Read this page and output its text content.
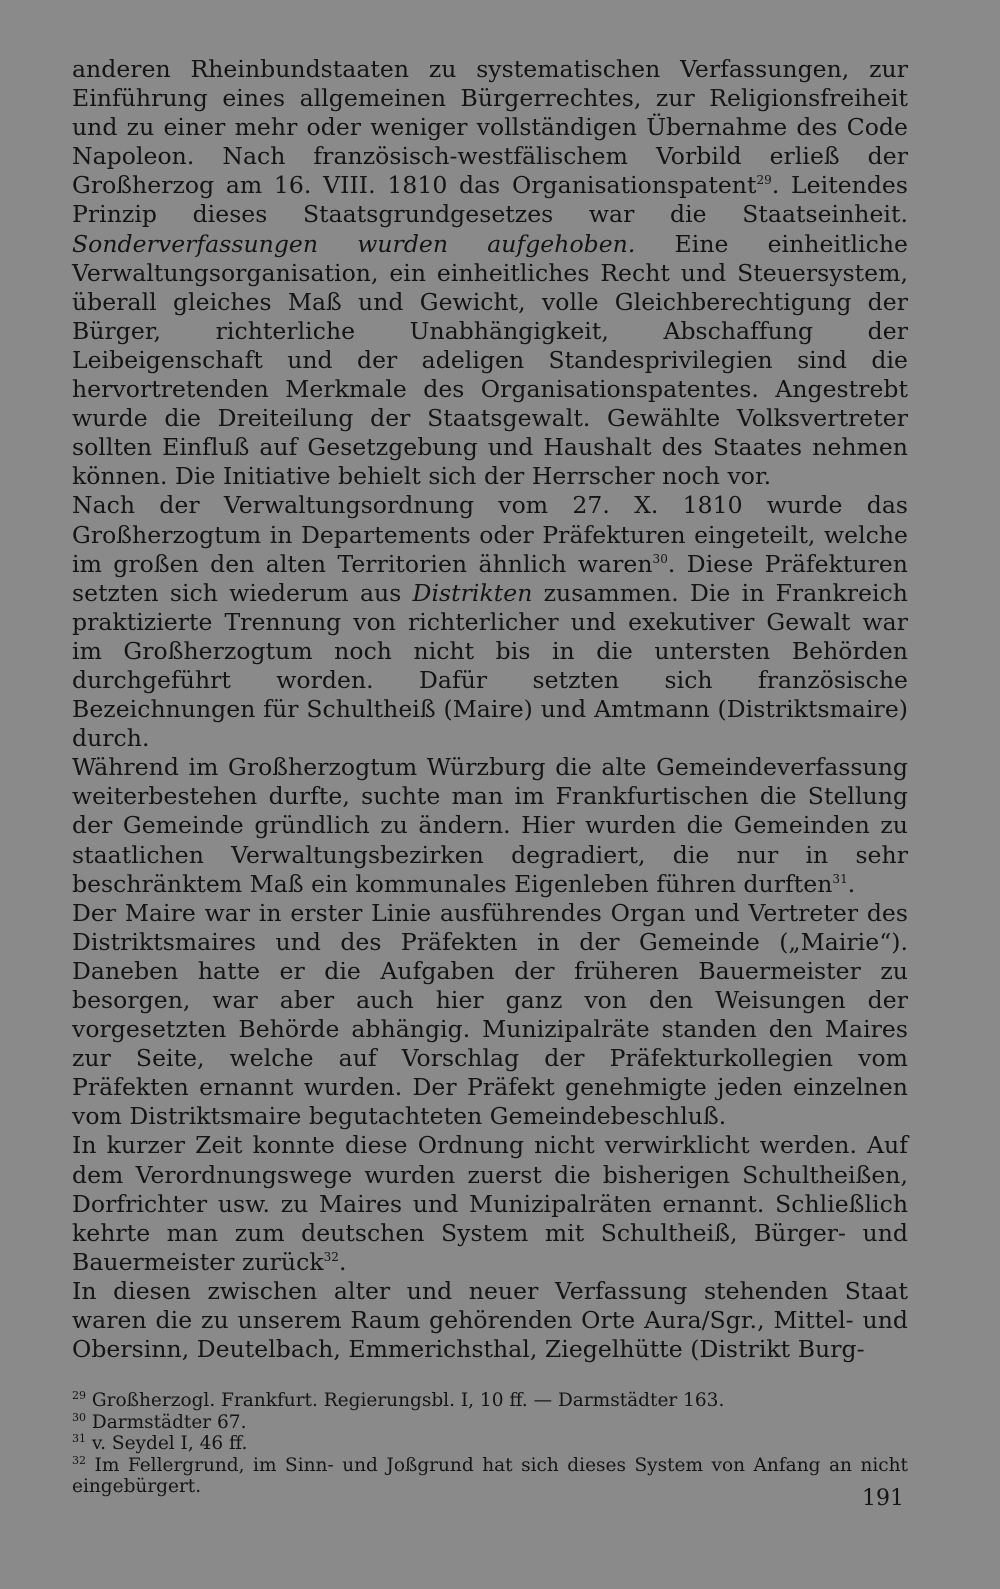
anderen Rheinbundstaaten zu systematischen Verfassungen, zur Einführung eines allgemeinen Bürgerrechtes, zur Religionsfreiheit und zu einer mehr oder weniger vollständigen Übernahme des Code Napoleon. Nach französisch-westfälischem Vorbild erließ der Großherzog am 16. VIII. 1810 das Organisationspatent$^{29}$. Leitendes Prinzip dieses Staatsgrundgesetzes war die Staatseinheit. Sonderverfassungen wurden aufgehoben. Eine einheitliche Verwaltungsorganisation, ein einheitliches Recht und Steuersystem, überall gleiches Maß und Gewicht, volle Gleichberechtigung der Bürger, richterliche Unabhängigkeit, Abschaffung der Leibeigenschaft und der adeligen Standesprivilegien sind die hervortretenden Merkmale des Organisationspatentes. Angestrebt wurde die Dreiteilung der Staatsgewalt. Gewählte Volksvertreter sollten Einfluß auf Gesetzgebung und Haushalt des Staates nehmen können. Die Initiative behielt sich der Herrscher noch vor.

Nach der Verwaltungsordnung vom 27. X. 1810 wurde das Großherzogtum in Departements oder Präfekturen eingeteilt, welche im großen den alten Territorien ähnlich waren$^{30}$. Diese Präfekturen setzten sich wiederum aus Distrikten zusammen. Die in Frankreich praktizierte Trennung von richterlicher und exekutiver Gewalt war im Großherzogtum noch nicht bis in die untersten Behörden durchgeführt worden. Dafür setzten sich französische Bezeichnungen für Schultheiß (Maire) und Amtmann (Distriktsmaire) durch.

Während im Großherzogtum Würzburg die alte Gemeindeverfassung weiterbestehen durfte, suchte man im Frankfurtischen die Stellung der Gemeinde gründlich zu ändern. Hier wurden die Gemeinden zu staatlichen Verwaltungsbezirken degradiert, die nur in sehr beschränktem Maß ein kommunales Eigenleben führen durften$^{31}$.

Der Maire war in erster Linie ausführendes Organ und Vertreter des Distriktsmaires und des Präfekten in der Gemeinde („Mairie“). Daneben hatte er die Aufgaben der früheren Bauermeister zu besorgen, war aber auch hier ganz von den Weisungen der vorgesetzten Behörde abhängig. Munizipalräte standen den Maires zur Seite, welche auf Vorschlag der Präfekturkollegien vom Präfekten ernannt wurden. Der Präfekt genehmigte jeden einzelnen vom Distriktsmaire begutachteten Gemeindebeschluß.

In kurzer Zeit konnte diese Ordnung nicht verwirklicht werden. Auf dem Verordnungswege wurden zuerst die bisherigen Schultheißen, Dorfrichter usw. zu Maires und Munizipalräten ernannt. Schließlich kehrte man zum deutschen System mit Schultheiß, Bürger- und Bauermeister zurück$^{32}$.

In diesen zwischen alter und neuer Verfassung stehenden Staat waren die zu unserem Raum gehörenden Orte Aura/Sgr., Mittel- und Obersinn, Deutelbach, Emmerichsthal, Ziegelhütte (Distrikt Burg-

$^{29}$ Großherzogl. Frankfurt. Regierungsbl. I, 10 ff. — Darmstädter 163.

$^{30}$ Darmstädter 67.

$^{31}$ v. Seydel I, 46 ff.

$^{32}$ Im Fellergrund, im Sinn- und Joßgrund hat sich dieses System von Anfang an nicht eingebürgert.	191
